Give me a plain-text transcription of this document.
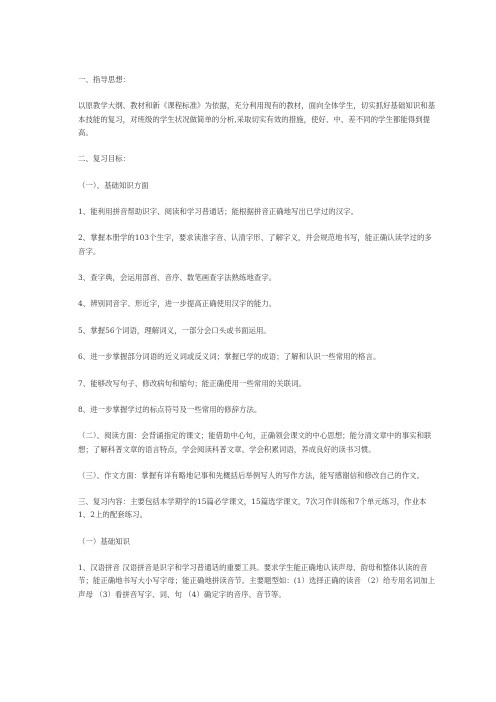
一、指导思想：

以原教学大纲、教材和新《课程标准》为依据，充分利用现有的教材，面向全体学生，切实抓好基础知识和基本技能的复习，对班级的学生状况做简单的分析,采取切实有效的措施，使好、中、差不同的学生都能得到提高。

二、复习目标：

（一）、基础知识方面

1、能利用拼音帮助识字、阅读和学习普通话；能根据拼音正确地写出已学过的汉字。

2、掌握本册学的103个生字，要求读准字音、认清字形、了解字义，并会规范地书写，能正确认读学过的多音字。

3、查字典，会运用部首、音序、数笔画查字法熟练地查字。

4、辨别同音字、形近字，进一步提高正确使用汉字的能力。

5、掌握56个词语，理解词义，一部分会口头或书面运用。

6、进一步掌握部分词语的近义词或反义词；掌握已学的成语；了解和认识一些常用的格言。

7、能够改写句子、修改病句和缩句；能正确使用一些常用的关联词。

8、进一步掌握学过的标点符号及一些常用的修辞方法。

（二）、阅读方面：会背诵指定的课文；能借助中心句，正确领会课文的中心思想；能分清文章中的事实和联想；了解科普文章的语言特点，学会阅读科普文章。学会积累词语，养成良好的读书习惯。

（三）、作文方面：掌握有详有略地记事和先概括后举例写人的写作方法，能写感谢信和修改自己的作文。

三、复习内容：主要包括本学期学的15篇必学课文，15篇选学课文，7次习作训练和7个单元练习，作业本1、2上的配套练习。

（一）基础知识

1、汉语拼音 汉语拼音是识字和学习普通话的重要工具。要求学生能正确地认读声母、韵母和整体认读的音节；能正确地书写大小写字母；能正确地拼读音节。主要题型如：(1）选择正确的读音 （2）给专用名词加上声母 （3）看拼音写字、词、句 （4）确定字的音序、音节等。
